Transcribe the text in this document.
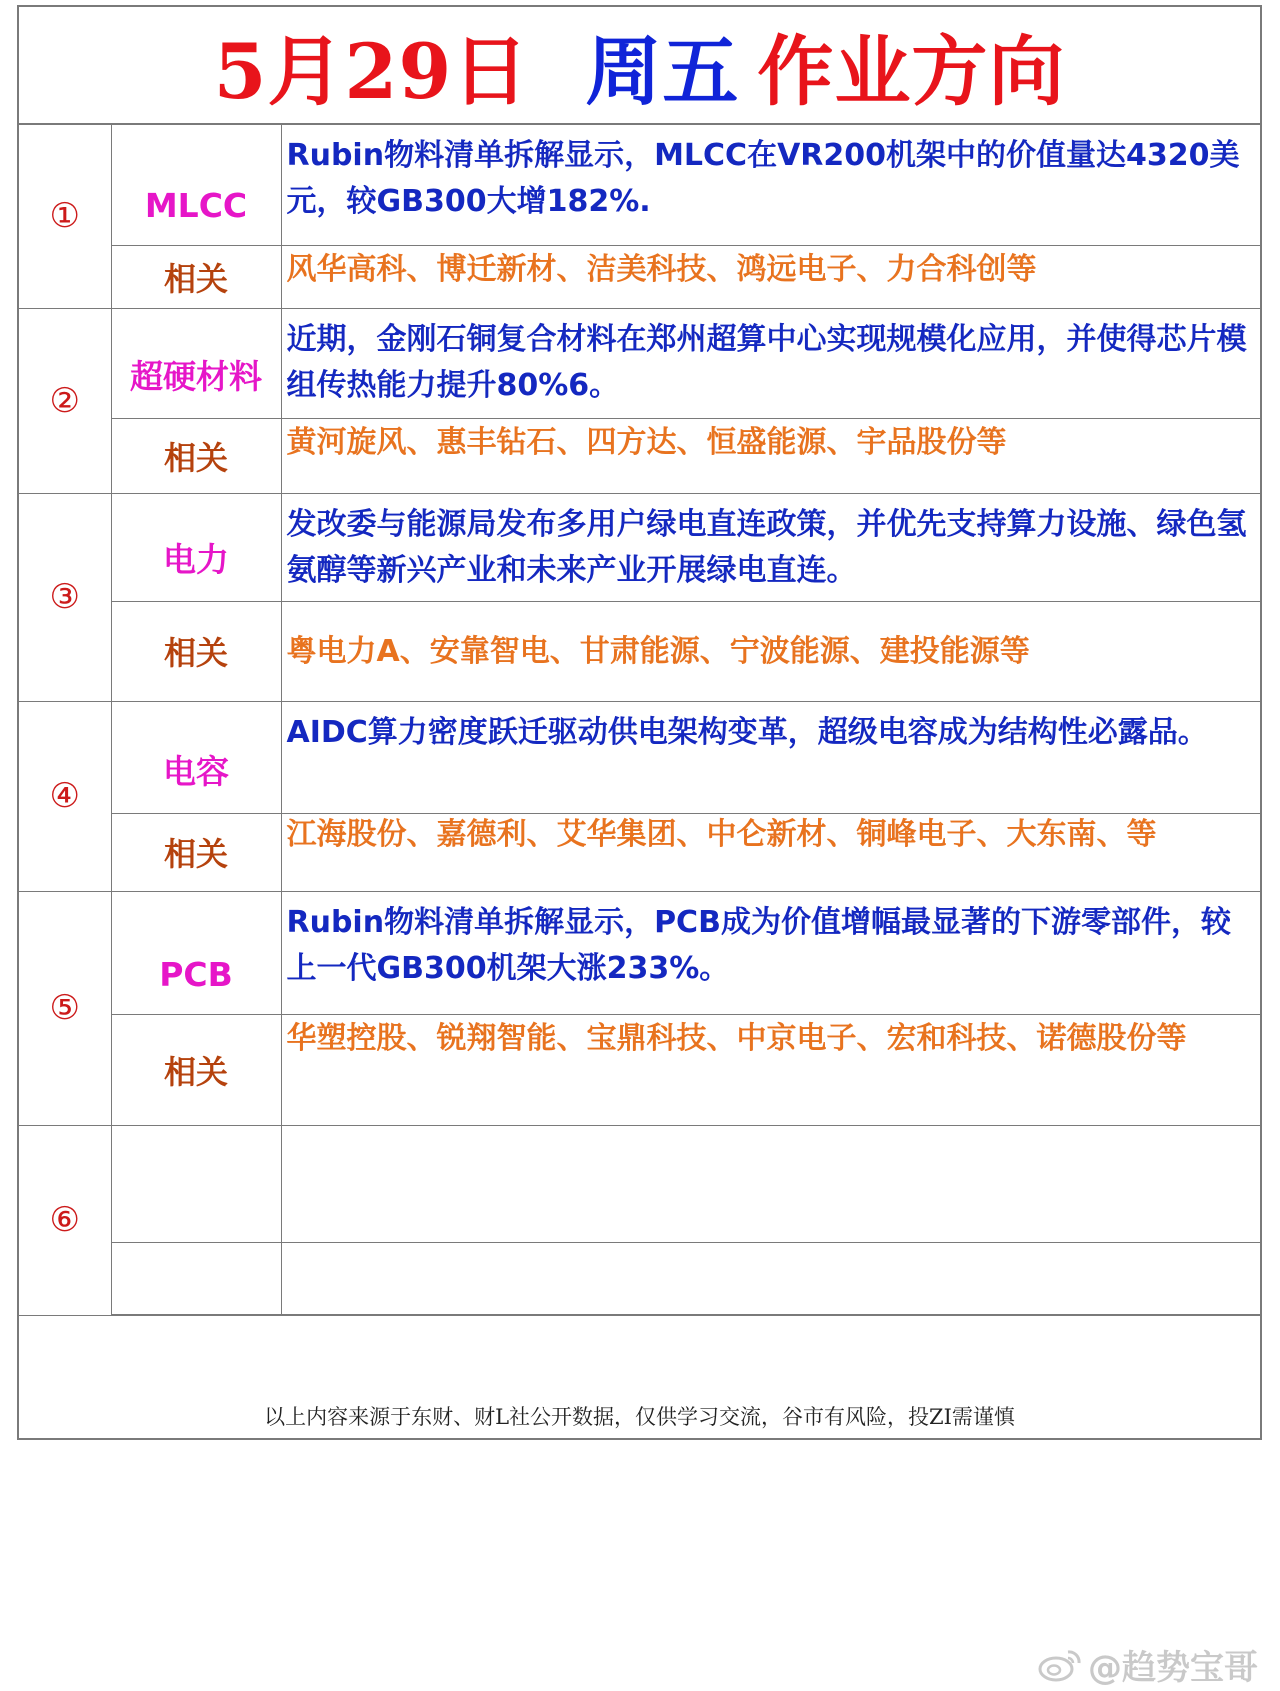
5月29日 周五 作业方向
①	MLCC	Rubin物料清单拆解显示，MLCC在VR200机架中的价值量达4320美元，较GB300大增182%.
	相关	风华高科、博迁新材、洁美科技、鸿远电子、力合科创等
②	超硬材料	近期，金刚石铜复合材料在郑州超算中心实现规模化应用，并使得芯片模组传热能力提升80%6。
	相关	黄河旋风、惠丰钻石、四方达、恒盛能源、宇品股份等
③	电力	发改委与能源局发布多用户绿电直连政策，并优先支持算力设施、绿色氢氨醇等新兴产业和未来产业开展绿电直连。
	相关	粤电力A、安靠智电、甘肃能源、宁波能源、建投能源等
④	电容	AIDC算力密度跃迁驱动供电架构变革，超级电容成为结构性必露品。
	相关	江海股份、嘉德利、艾华集团、中仑新材、铜峰电子、大东南、等
⑤	PCB	Rubin物料清单拆解显示，PCB成为价值增幅最显著的下游零部件，较上一代GB300机架大涨233%。
	相关	华塑控股、锐翔智能、宝鼎科技、中京电子、宏和科技、诺德股份等
⑥		

以上内容来源于东财、财L社公开数据，仅供学习交流，谷市有风险，投ZI需谨慎
@趋势宝哥
